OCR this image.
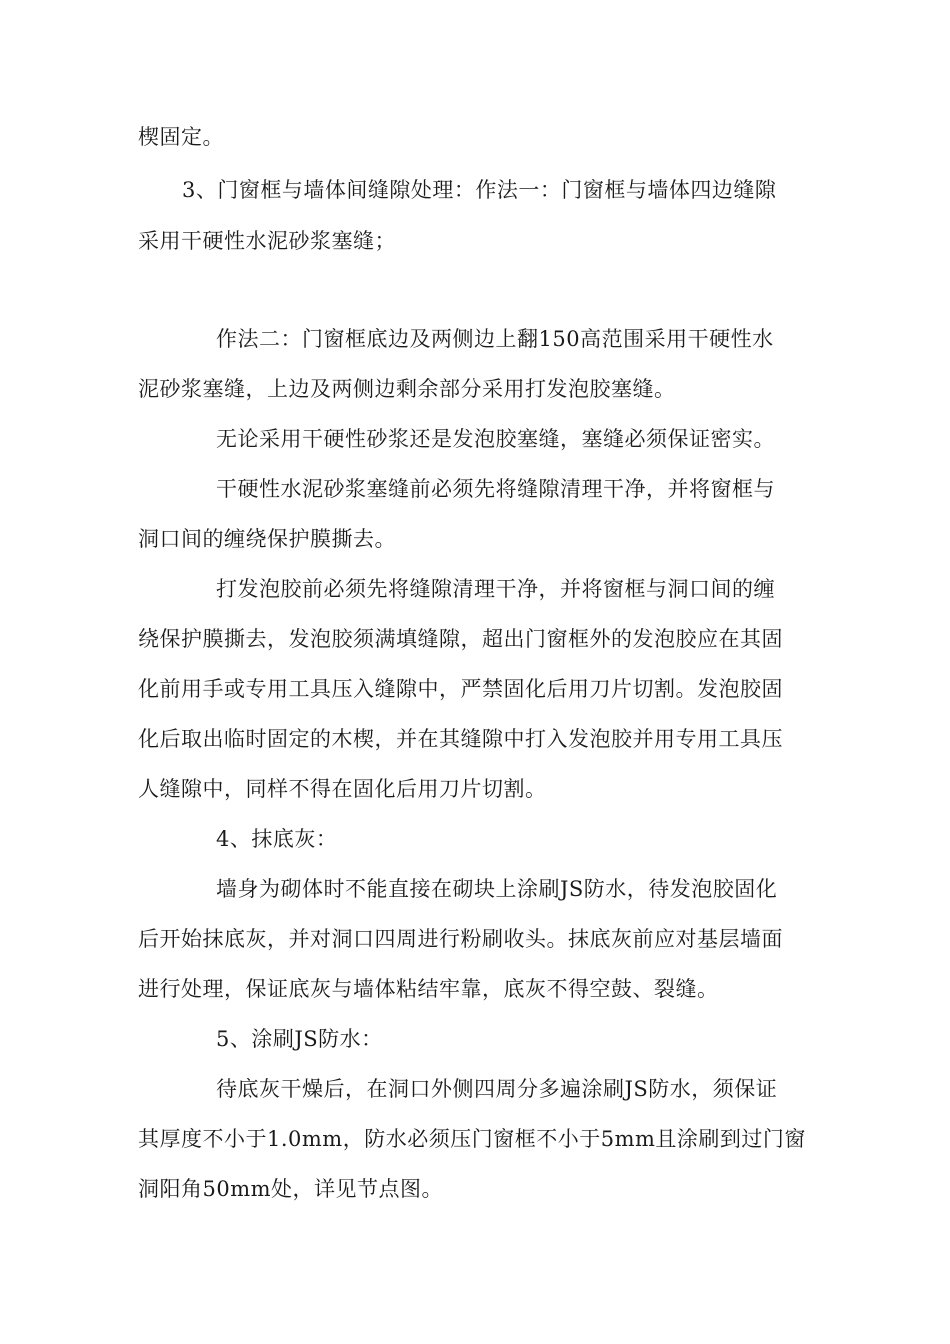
楔固定。
3、门窗框与墙体间缝隙处理：作法一：门窗框与墙体四边缝隙
采用干硬性水泥砂浆塞缝；
作法二：门窗框底边及两侧边上翻150高范围采用干硬性水
泥砂浆塞缝，上边及两侧边剩余部分采用打发泡胶塞缝。
无论采用干硬性砂浆还是发泡胶塞缝，塞缝必须保证密实。
干硬性水泥砂浆塞缝前必须先将缝隙清理干净，并将窗框与
洞口间的缠绕保护膜撕去。
打发泡胶前必须先将缝隙清理干净，并将窗框与洞口间的缠
绕保护膜撕去，发泡胶须满填缝隙，超出门窗框外的发泡胶应在其固
化前用手或专用工具压入缝隙中，严禁固化后用刀片切割。发泡胶固
化后取出临时固定的木楔，并在其缝隙中打入发泡胶并用专用工具压
人缝隙中，同样不得在固化后用刀片切割。
4、抹底灰：
墙身为砌体时不能直接在砌块上涂刷JS防水，待发泡胶固化
后开始抹底灰，并对洞口四周进行粉刷收头。抹底灰前应对基层墙面
进行处理，保证底灰与墙体粘结牢靠，底灰不得空鼓、裂缝。
5、涂刷JS防水：
待底灰干燥后，在洞口外侧四周分多遍涂刷JS防水，须保证
其厚度不小于1.0mm，防水必须压门窗框不小于5mm且涂刷到过门窗
洞阳角50mm处，详见节点图。
